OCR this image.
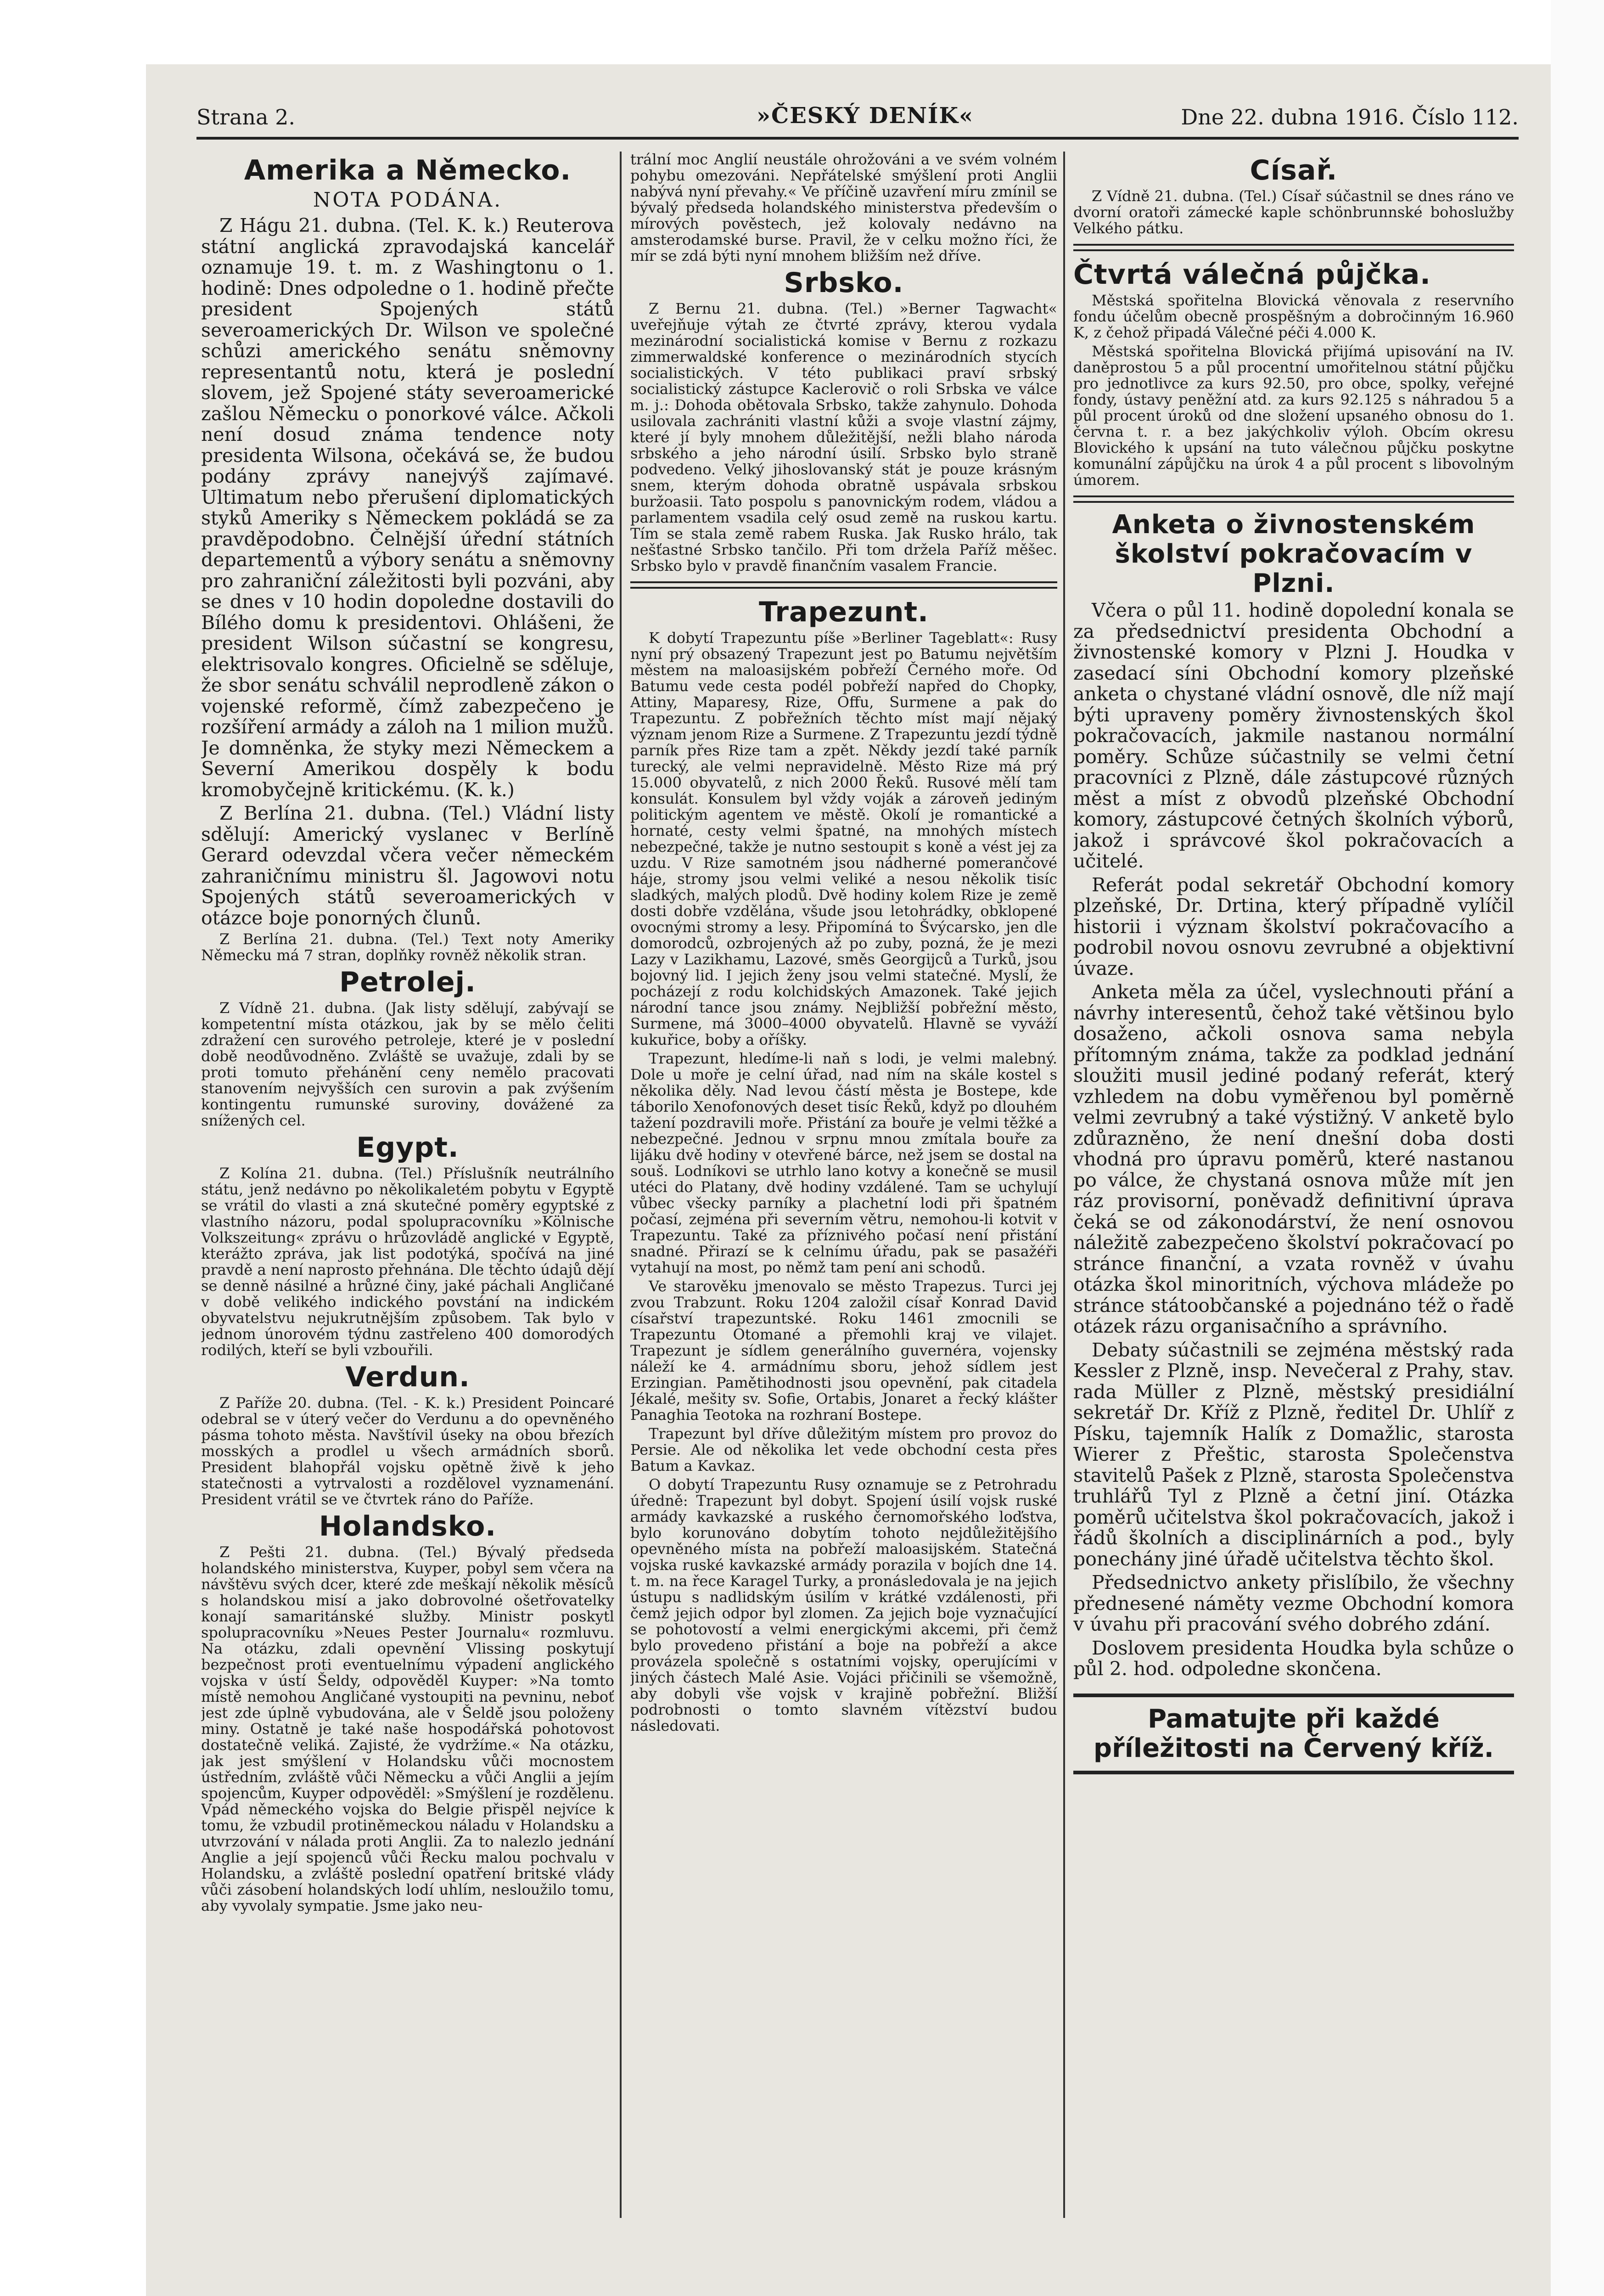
Strana 2.	»ČESKÝ DENÍK«	Dne 22. dubna 1916. Číslo 112.
Amerika a Německo.
NOTA PODÁNA.

Z Hágu 21. dubna. (Tel. K. k.) Reuterova státní anglická zpravodajská kancelář oznamuje 19. t. m. z Washingtonu o 1. hodině: Dnes odpoledne o 1. hodině přečte president Spojených států severoamerických Dr. Wilson ve společné schůzi amerického senátu sněmovny representantů notu, která je poslední slovem, jež Spojené státy severoamerické zašlou Německu o ponorkové válce. Ačkoli není dosud známa tendence noty presidenta Wilsona, očekává se, že budou podány zprávy nanejvýš zajímavé. Ultimatum nebo přerušení diplomatických styků Ameriky s Německem pokládá se za pravděpodobno. Čelnější úřední státních departementů a výbory senátu a sněmovny pro zahraniční záležitosti byli pozváni, aby se dnes v 10 hodin dopoledne dostavili do Bílého domu k presidentovi. Ohlášeni, že president Wilson súčastní se kongresu, elektrisovalo kongres. Oficielně se sděluje, že sbor senátu schválil neprodleně zákon o vojenské reformě, čímž zabezpečeno je rozšíření armády a záloh na 1 milion mužů. Je domněnka, že styky mezi Německem a Severní Amerikou dospěly k bodu kromobyčejně kritickému. (K. k.)

Z Berlína 21. dubna. (Tel.) Vládní listy sdělují: Americký vyslanec v Berlíně Gerard odevzdal včera večer německém zahraničnímu ministru šl. Jagowovi notu Spojených států severoamerických v otázce boje ponorných člunů.

Z Berlína 21. dubna. (Tel.) Text noty Ameriky Německu má 7 stran, doplňky rovněž několik stran.

Petrolej.

Z Vídně 21. dubna. (Jak listy sdělují, zabývají se kompetentní místa otázkou, jak by se mělo čeliti zdražení cen surového petroleje, které je v poslední době neodůvodněno. Zvláště se uvažuje, zdali by se proti tomuto přehánění ceny nemělo pracovati stanovením nejvyšších cen surovin a pak zvýšením kontingentu rumunské suroviny, dovážené za snížených cel.

Egypt.

Z Kolína 21. dubna. (Tel.) Příslušník neutrálního státu, jenž nedávno po několikaletém pobytu v Egyptě se vrátil do vlasti a zná skutečné poměry egyptské z vlastního názoru, podal spolupracovníku »Kölnische Volkszeitung« zprávu o hrůzovládě anglické v Egyptě, kterážto zpráva, jak list podotýká, spočívá na jiné pravdě a není naprosto přehnána. Dle těchto údajů dějí se denně násilné a hrůzné činy, jaké páchali Angličané v době velikého indického povstání na indickém obyvatelstvu nejukrutnějším způsobem. Tak bylo v jednom únorovém týdnu zastřeleno 400 domorodých rodilých, kteří se byli vzbouřili.

Verdun.

Z Paříže 20. dubna. (Tel. - K. k.) President Poincaré odebral se v úterý večer do Verdunu a do opevněného pásma tohoto města. Navštívil úseky na obou březích mosských a prodlel u všech armádních sborů. President blahopřál vojsku opětně živě k jeho statečnosti a vytrvalosti a rozdělovel vyznamenání. President vrátil se ve čtvrtek ráno do Paříže.

Holandsko.

Z Pešti 21. dubna. (Tel.) Bývalý předseda holandského ministerstva, Kuyper, pobyl sem včera na návštěvu svých dcer, které zde meškají několik měsíců s holandskou misí a jako dobrovolné ošetřovatelky konají samaritánské služby. Ministr poskytl spolupracovníku »Neues Pester Journalu« rozmluvu. Na otázku, zdali opevnění Vlissing poskytují bezpečnost proti eventuelnímu výpadení anglického vojska v ústí Šeldy, odpověděl Kuyper: »Na tomto místě nemohou Angličané vystoupiti na pevninu, neboť jest zde úplně vybudována, ale v Šeldě jsou položeny miny. Ostatně je také naše hospodářská pohotovost dostatečně veliká. Zajisté, že vydržíme.« Na otázku, jak jest smýšlení v Holandsku vůči mocnostem ústředním, zvláště vůči Německu a vůči Anglii a jejím spojencům, Kuyper odpověděl: »Smýšlení je rozdělenu. Vpád německého vojska do Belgie přispěl nejvíce k tomu, že vzbudil protiněmeckou náladu v Holandsku a utvrzování v nálada proti Anglii. Za to nalezlo jednání Anglie a její spojenců vůči Řecku malou pochvalu v Holandsku, a zvláště poslední opatření britské vlády vůči zásobení holandských lodí uhlím, nesloužilo tomu, aby vyvolaly sympatie. Jsme jako neu-

trální moc Anglií neustále ohrožováni a ve svém volném pohybu omezováni. Nepřátelské smýšlení proti Anglii nabývá nyní převahy.« Ve příčině uzavření míru zmínil se bývalý předseda holandského ministerstva především o mírových pověstech, jež kolovaly nedávno na amsterodamské burse. Pravil, že v celku možno říci, že mír se zdá býti nyní mnohem bližším než dříve.

Srbsko.

Z Bernu 21. dubna. (Tel.) »Berner Tagwacht« uveřejňuje výtah ze čtvrté zprávy, kterou vydala mezinárodní socialistická komise v Bernu z rozkazu zimmerwaldské konference o mezinárodních stycích socialistických. V této publikaci praví srbský socialistický zástupce Kaclerovič o roli Srbska ve válce m. j.: Dohoda obětovala Srbsko, takže zahynulo. Dohoda usilovala zachrániti vlastní kůži a svoje vlastní zájmy, které jí byly mnohem důležitější, nežli blaho národa srbského a jeho národní úsilí. Srbsko bylo straně podvedeno. Velký jihoslovanský stát je pouze krásným snem, kterým dohoda obratně uspávala srbskou buržoasii. Tato pospolu s panovnickým rodem, vládou a parlamentem vsadila celý osud země na ruskou kartu. Tím se stala země rabem Ruska. Jak Rusko hrálo, tak nešťastné Srbsko tančilo. Při tom držela Paříž měšec. Srbsko bylo v pravdě finančním vasalem Francie.

Trapezunt.

K dobytí Trapezuntu píše »Berliner Tageblatt«: Rusy nyní prý obsazený Trapezunt jest po Batumu největším městem na maloasijském pobřeží Černého moře. Od Batumu vede cesta podél pobřeží napřed do Chopky, Attiny, Maparesy, Rize, Offu, Surmene a pak do Trapezuntu. Z pobřežních těchto míst mají nějaký význam jenom Rize a Surmene. Z Trapezuntu jezdí týdně parník přes Rize tam a zpět. Někdy jezdí také parník turecký, ale velmi nepravidelně. Město Rize má prý 15.000 obyvatelů, z nich 2000 Řeků. Rusové mělí tam konsulát. Konsulem byl vždy voják a zároveň jediným politickým agentem ve městě. Okolí je romantické a hornaté, cesty velmi špatné, na mnohých místech nebezpečné, takže je nutno sestoupit s koně a vést jej za uzdu. V Rize samotném jsou nádherné pomerančové háje, stromy jsou velmi veliké a nesou několik tisíc sladkých, malých plodů. Dvě hodiny kolem Rize je země dosti dobře vzdělána, všude jsou letohrádky, obklopené ovocnými stromy a lesy. Připomíná to Švýcarsko, jen dle domorodců, ozbrojených až po zuby, pozná, že je mezi Lazy v Lazikhamu, Lazové, směs Georgijců a Turků, jsou bojovný lid. I jejich ženy jsou velmi statečné. Myslí, že pocházejí z rodu kolchidských Amazonek. Také jejich národní tance jsou známy. Nejbližší pobřežní město, Surmene, má 3000–4000 obyvatelů. Hlavně se vyváží kukuřice, boby a oříšky.

Trapezunt, hledíme-li naň s lodi, je velmi malebný. Dole u moře je celní úřad, nad ním na skále kostel s několika děly. Nad levou částí města je Bostepe, kde táborilo Xenofonových deset tisíc Řeků, když po dlouhém tažení pozdravili moře. Přistání za bouře je velmi těžké a nebezpečné. Jednou v srpnu mnou zmítala bouře za lijáku dvě hodiny v otevřené bárce, než jsem se dostal na souš. Lodníkovi se utrhlo lano kotvy a konečně se musil utéci do Platany, dvě hodiny vzdálené. Tam se uchylují vůbec všecky parníky a plachetní lodi při špatném počasí, zejména při severním větru, nemohou-li kotvit v Trapezuntu. Také za příznivého počasí není přistání snadné. Přirazí se k celnímu úřadu, pak se pasažéři vytahují na most, po němž tam pení ani schodů.

Ve starověku jmenovalo se město Trapezus. Turci jej zvou Trabzunt. Roku 1204 založil císař Konrad David císařství trapezuntské. Roku 1461 zmocnili se Trapezuntu Otomané a přemohli kraj ve vilajet. Trapezunt je sídlem generálního guvernéra, vojensky náleží ke 4. armádnímu sboru, jehož sídlem jest Erzingian. Pamětihodnosti jsou opevnění, pak citadela Jékalé, mešity sv. Sofie, Ortabis, Jonaret a řecký klášter Panaghia Teotoka na rozhraní Bostepe.

Trapezunt byl dříve důležitým místem pro provoz do Persie. Ale od několika let vede obchodní cesta přes Batum a Kavkaz.

O dobytí Trapezuntu Rusy oznamuje se z Petrohradu úředně: Trapezunt byl dobyt. Spojení úsilí vojsk ruské armády kavkazské a ruského černomořského loďstva, bylo korunováno dobytím tohoto nejdůležitějšího opevněného místa na pobřeží maloasijském. Statečná vojska ruské kavkazské armády porazila v bojích dne 14. t. m. na řece Karagel Turky, a pronásledovala je na jejich ústupu s nadlidským úsilím v krátké vzdálenosti, při čemž jejich odpor byl zlomen. Za jejich boje vyznačující se pohotovostí a velmi energickými akcemi, při čemž bylo provedeno přistání a boje na pobřeží a akce provázela společně s ostatními vojsky, operujícími v jiných částech Malé Asie. Vojáci přičinili se všemožně, aby dobyli vše vojsk v krajině pobřežní. Bližší podrobnosti o tomto slavném vítězství budou následovati.

Císař.

Z Vídně 21. dubna. (Tel.) Císař súčastnil se dnes ráno ve dvorní oratoři zámecké kaple schönbrunnské bohoslužby Velkého pátku.

Čtvrtá válečná půjčka.

Městská spořitelna Blovická věnovala z reservního fondu účelům obecně prospěšným a dobročinným 16.960 K, z čehož připadá Válečné péči 4.000 K.

Městská spořitelna Blovická přijímá upisování na IV. daněprostou 5 a půl procentní umořitelnou státní půjčku pro jednotlivce za kurs 92.50, pro obce, spolky, veřejné fondy, ústavy peněžní atd. za kurs 92.125 s náhradou 5 a půl procent úroků od dne složení upsaného obnosu do 1. června t. r. a bez jakýchkoliv výloh. Obcím okresu Blovického k upsání na tuto válečnou půjčku poskytne komunální zápůjčku na úrok 4 a půl procent s libovolným úmorem.

Anketa o živnostenském školství pokračovacím v Plzni.

Včera o půl 11. hodině dopolední konala se za předsednictví presidenta Obchodní a živnostenské komory v Plzni J. Houdka v zasedací síni Obchodní komory plzeňské anketa o chystané vládní osnově, dle níž mají býti upraveny poměry živnostenských škol pokračovacích, jakmile nastanou normální poměry. Schůze súčastnily se velmi četní pracovníci z Plzně, dále zástupcové různých měst a míst z obvodů plzeňské Obchodní komory, zástupcové četných školních výborů, jakož i správcové škol pokračovacích a učitelé.

Referát podal sekretář Obchodní komory plzeňské, Dr. Drtina, který případně vylíčil historii i význam školství pokračovacího a podrobil novou osnovu zevrubné a objektivní úvaze.

Anketa měla za účel, vyslechnouti přání a návrhy interesentů, čehož také většinou bylo dosaženo, ačkoli osnova sama nebyla přítomným známa, takže za podklad jednání sloužiti musil jediné podaný referát, který vzhledem na dobu vyměřenou byl poměrně velmi zevrubný a také výstižný. V anketě bylo zdůrazněno, že není dnešní doba dosti vhodná pro úpravu poměrů, které nastanou po válce, že chystaná osnova může mít jen ráz provisorní, poněvadž definitivní úprava čeká se od zákonodárství, že není osnovou náležitě zabezpečeno školství pokračovací po stránce finanční, a vzata rovněž v úvahu otázka škol minoritních, výchova mládeže po stránce státoobčanské a pojednáno též o řadě otázek rázu organisačního a správního.

Debaty súčastnili se zejména městský rada Kessler z Plzně, insp. Nevečeral z Prahy, stav. rada Müller z Plzně, městský presidiální sekretář Dr. Kříž z Plzně, ředitel Dr. Uhlíř z Písku, tajemník Halík z Domažlic, starosta Wierer z Přeštic, starosta Společenstva stavitelů Pašek z Plzně, starosta Společenstva truhlářů Tyl z Plzně a četní jiní. Otázka poměrů učitelstva škol pokračovacích, jakož i řádů školních a disciplinárních a pod., byly ponechány jiné úřadě učitelstva těchto škol.

Předsednictvo ankety přislíbilo, že všechny přednesené náměty vezme Obchodní komora v úvahu při pracování svého dobrého zdání.

Doslovem presidenta Houdka byla schůze o půl 2. hod. odpoledne skončena.

Pamatujte při každé příležitosti na Červený kříž.
